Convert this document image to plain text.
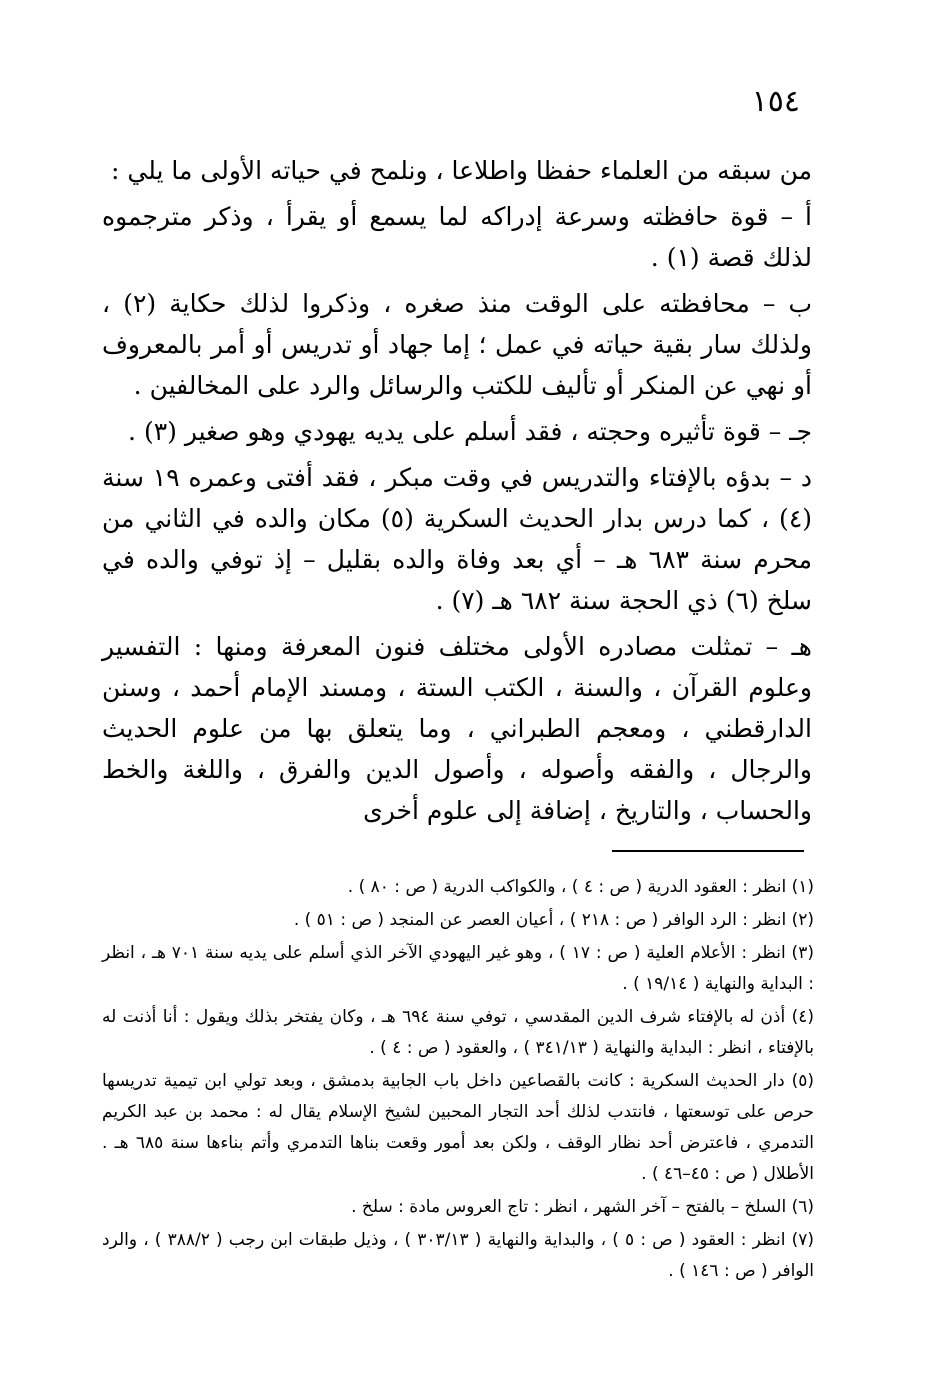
١٥٤

من سبقه من العلماء حفظا واطلاعا ، ونلمح في حياته الأولى ما يلي :

أ – قوة حافظته وسرعة إدراكه لما يسمع أو يقرأ ، وذكر مترجموه لذلك قصة (١) .

ب – محافظته على الوقت منذ صغره ، وذكروا لذلك حكاية (٢) ، ولذلك سار بقية حياته في عمل ؛ إما جهاد أو تدريس أو أمر بالمعروف أو نهي عن المنكر أو تأليف للكتب والرسائل والرد على المخالفين .

جـ – قوة تأثيره وحجته ، فقد أسلم على يديه يهودي وهو صغير (٣) .

د – بدؤه بالإفتاء والتدريس في وقت مبكر ، فقد أفتى وعمره ١٩ سنة (٤) ، كما درس بدار الحديث السكرية (٥) مكان والده في الثاني من محرم سنة ٦٨٣ هـ – أي بعد وفاة والده بقليل – إذ توفي والده في سلخ (٦) ذي الحجة سنة ٦٨٢ هـ (٧) .

هـ – تمثلت مصادره الأولى مختلف فنون المعرفة ومنها : التفسير وعلوم القرآن ، والسنة ، الكتب الستة ، ومسند الإمام أحمد ، وسنن الدارقطني ، ومعجم الطبراني ، وما يتعلق بها من علوم الحديث والرجال ، والفقه وأصوله ، وأصول الدين والفرق ، واللغة والخط والحساب ، والتاريخ ، إضافة إلى علوم أخرى

(١) انظر : العقود الدرية ( ص : ٤ ) ، والكواكب الدرية ( ص : ٨٠ ) .

(٢) انظر : الرد الوافر ( ص : ٢١٨ ) ، أعيان العصر عن المنجد ( ص : ٥١ ) .

(٣) انظر : الأعلام العلية ( ص : ١٧ ) ، وهو غير اليهودي الآخر الذي أسلم على يديه سنة ٧٠١ هـ ، انظر : البداية والنهاية ( ١٩/١٤ ) .

(٤) أذن له بالإفتاء شرف الدين المقدسي ، توفي سنة ٦٩٤ هـ ، وكان يفتخر بذلك ويقول : أنا أذنت له بالإفتاء ، انظر : البداية والنهاية ( ٣٤١/١٣ ) ، والعقود ( ص : ٤ ) .

(٥) دار الحديث السكرية : كانت بالقصاعين داخل باب الجابية بدمشق ، وبعد تولي ابن تيمية تدريسها حرص على توسعتها ، فانتدب لذلك أحد التجار المحبين لشيخ الإسلام يقال له : محمد بن عبد الكريم التدمري ، فاعترض أحد نظار الوقف ، ولكن بعد أمور وقعت بناها التدمري وأتم بناءها سنة ٦٨٥ هـ . الأطلال ( ص : ٤٥–٤٦ ) .

(٦) السلخ – بالفتح – آخر الشهر ، انظر : تاج العروس مادة : سلخ .

(٧) انظر : العقود ( ص : ٥ ) ، والبداية والنهاية ( ٣٠٣/١٣ ) ، وذيل طبقات ابن رجب ( ٣٨٨/٢ ) ، والرد الوافر ( ص : ١٤٦ ) .
